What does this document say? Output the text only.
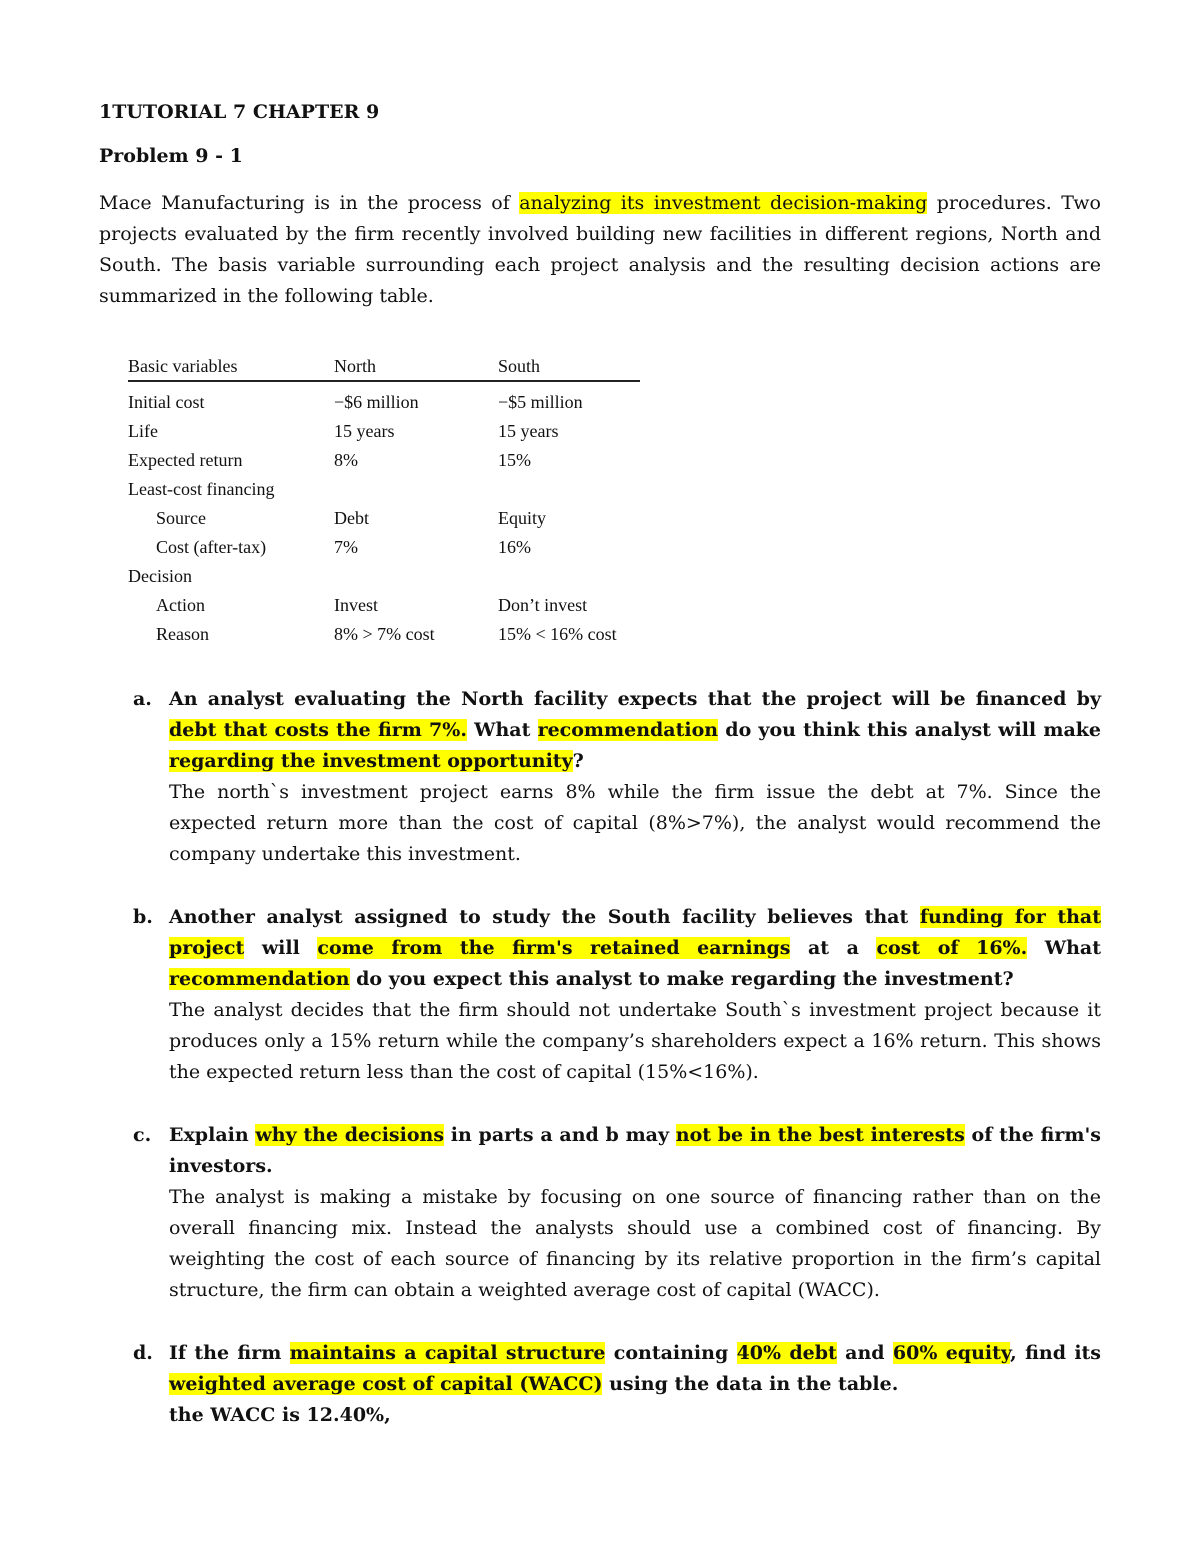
1TUTORIAL 7 CHAPTER 9
Problem 9 - 1
Mace Manufacturing is in the process of analyzing its investment decision-making procedures. Two projects evaluated by the firm recently involved building new facilities in different regions, North and South. The basis variable surrounding each project analysis and the resulting decision actions are summarized in the following table.
Basic variables	North	South
Initial cost	−$6 million	−$5 million
Life	15 years	15 years
Expected return	8%	15%
Least-cost financing		
Source	Debt	Equity
Cost (after-tax)	7%	16%
Decision		
Action	Invest	Don’t invest
Reason	8% > 7% cost	15% < 16% cost
a. An analyst evaluating the North facility expects that the project will be financed by debt that costs the firm 7%. What recommendation do you think this analyst will make regarding the investment opportunity?
The north`s investment project earns 8% while the firm issue the debt at 7%. Since the expected return more than the cost of capital (8%>7%), the analyst would recommend the company undertake this investment.
b. Another analyst assigned to study the South facility believes that funding for that project will come from the firm's retained earnings at a cost of 16%. What recommendation do you expect this analyst to make regarding the investment?
The analyst decides that the firm should not undertake South`s investment project because it produces only a 15% return while the company’s shareholders expect a 16% return. This shows the expected return less than the cost of capital (15%<16%).
c. Explain why the decisions in parts a and b may not be in the best interests of the firm's investors.
The analyst is making a mistake by focusing on one source of financing rather than on the overall financing mix. Instead the analysts should use a combined cost of financing. By weighting the cost of each source of financing by its relative proportion in the firm’s capital structure, the firm can obtain a weighted average cost of capital (WACC).
d. If the firm maintains a capital structure containing 40% debt and 60% equity, find its weighted average cost of capital (WACC) using the data in the table.
the WACC is 12.40%,
